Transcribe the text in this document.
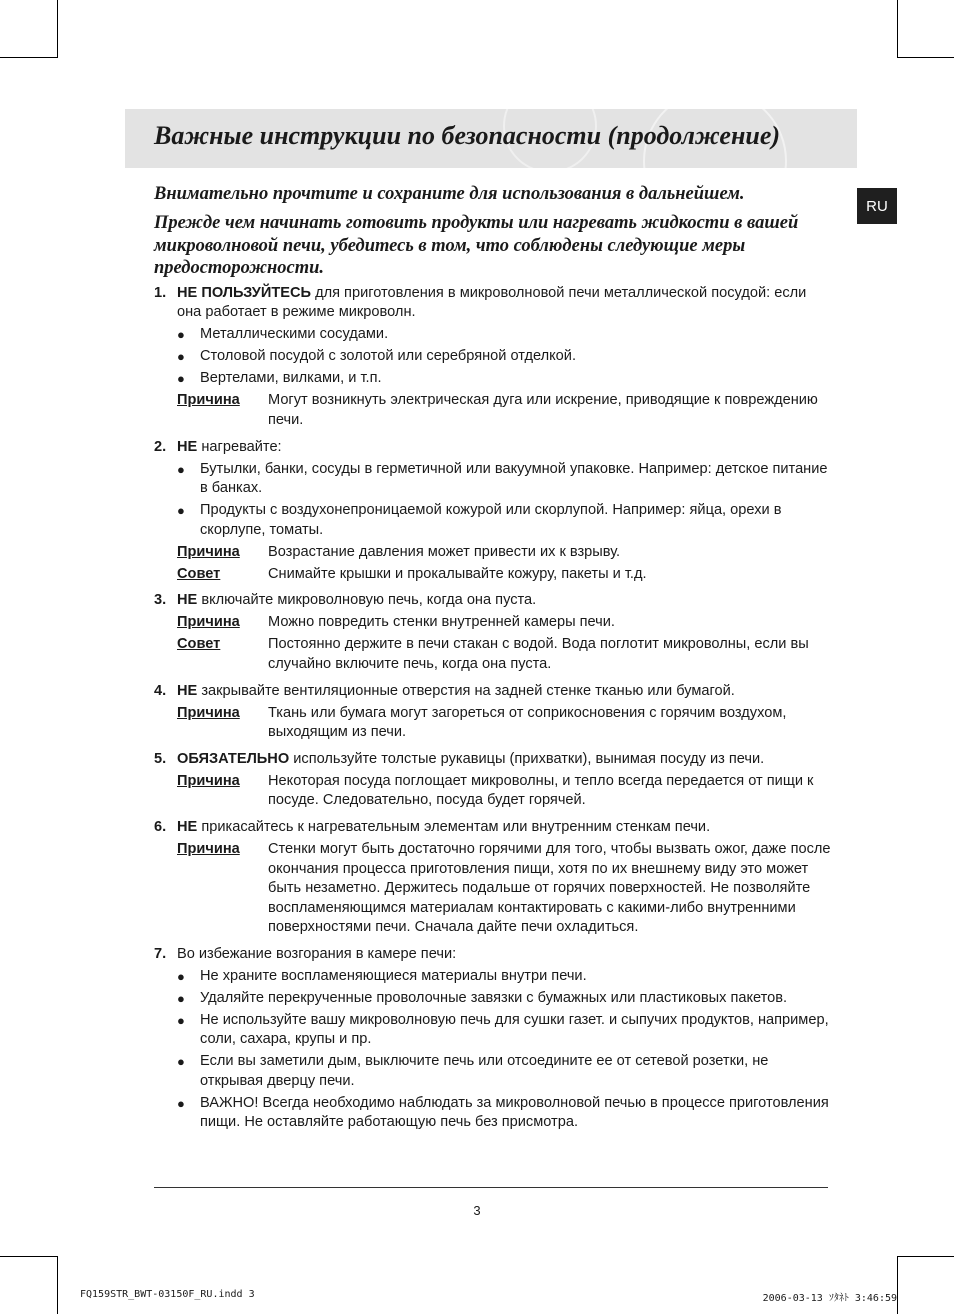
Важные инструкции по безопасности (продолжение)
RU

Внимательно прочтите и сохраните для использования в дальнейшем.

Прежде чем начинать готовить продукты или нагревать жидкости в вашей микроволновой печи, убедитесь в том, что соблюдены следующие меры предосторожности.

1. НЕ ПОЛЬЗУЙТЕСЬ для приготовления в микроволновой печи металлической посудой: если она работает в режиме микроволн.
● Металлическими сосудами.
● Столовой посудой с золотой или серебряной отделкой.
● Вертелами, вилками, и т.п.
Причина	Могут возникнуть электрическая дуга или искрение, приводящие к повреждению печи.
2. НЕ нагревайте:
● Бутылки, банки, сосуды в герметичной или вакуумной упаковке. Например: детское питание в банках.
● Продукты с воздухонепроницаемой кожурой или скорлупой. Например: яйца, орехи в скорлупе, томаты.
Причина	Возрастание давления может привести их к взрыву.
Совет	Снимайте крышки и прокалывайте кожуру, пакеты и т.д.
3. НЕ включайте микроволновую печь, когда она пуста.
Причина	Можно повредить стенки внутренней камеры печи.
Совет	Постоянно держите в печи стакан с водой. Вода поглотит микроволны, если вы случайно включите печь, когда она пуста.
4. НЕ закрывайте вентиляционные отверстия на задней стенке тканью или бумагой.
Причина	Ткань или бумага могут загореться от соприкосновения с горячим воздухом, выходящим из печи.
5. ОБЯЗАТЕЛЬНО используйте толстые рукавицы (прихватки), вынимая посуду из печи.
Причина	Некоторая посуда поглощает микроволны, и тепло всегда передается от пищи к посуде. Следовательно, посуда будет горячей.
6. НЕ прикасайтесь к нагревательным элементам или внутренним стенкам печи.
Причина	Стенки могут быть достаточно горячими для того, чтобы вызвать ожог, даже после окончания процесса приготовления пищи, хотя по их внешнему виду это может быть незаметно. Держитесь подальше от горячих поверхностей. Не позволяйте воспламеняющимся материалам контактировать с какими-либо внутренними поверхностями печи. Сначала дайте печи охладиться.
7. Во избежание возгорания в камере печи:
● Не храните воспламеняющиеся материалы внутри печи.
● Удаляйте перекрученные проволочные завязки с бумажных или пластиковых пакетов.
● Не используйте вашу микроволновую печь для сушки газет. и сыпучих продуктов, например, соли, сахара, крупы и пр.
● Если вы заметили дым, выключите печь или отсоедините ее от сетевой розетки, не открывая дверцу печи.
● ВАЖНО! Всегда необходимо наблюдать за микроволновой печью в процессе приготовления пищи. Не оставляйте работающую печь без присмотра.
3
FQ159STR_BWT-03150F_RU.indd 3	2006-03-13 ｿﾀﾈﾄ 3:46:59
